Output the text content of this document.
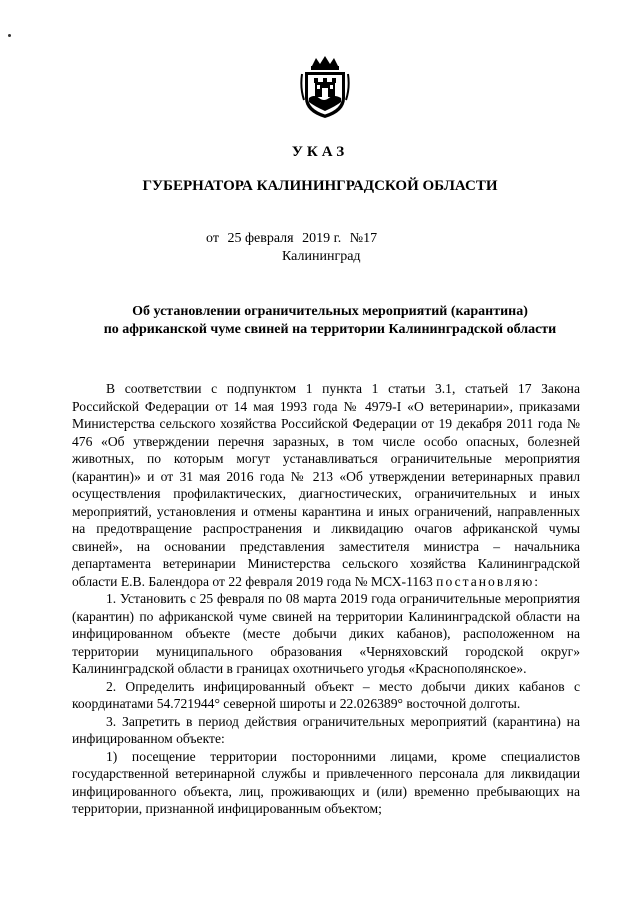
УКАЗ
ГУБЕРНАТОРА КАЛИНИНГРАДСКОЙ ОБЛАСТИ
от 25 февраля 2019 г. №17
Калининград
Об установлении ограничительных мероприятий (карантина)
по африканской чуме свиней на территории Калининградской области

В соответствии с подпунктом 1 пункта 1 статьи 3.1, статьей 17 Закона Российской Федерации от 14 мая 1993 года № 4979-I «О ветеринарии», приказами Министерства сельского хозяйства Российской Федерации от 19 декабря 2011 года № 476 «Об утверждении перечня заразных, в том числе особо опасных, болезней животных, по которым могут устанавливаться ограничительные мероприятия (карантин)» и от 31 мая 2016 года № 213 «Об утверждении ветеринарных правил осуществления профилактических, диагностических, ограничительных и иных мероприятий, установления и отмены карантина и иных ограничений, направленных на предотвращение распространения и ликвидацию очагов африканской чумы свиней», на основании представления заместителя министра – начальника департамента ветеринарии Министерства сельского хозяйства Калининградской области Е.В. Балендора от 22 февраля 2019 года № МСХ-1163 постановляю:

1. Установить с 25 февраля по 08 марта 2019 года ограничительные мероприятия (карантин) по африканской чуме свиней на территории Калининградской области на инфицированном объекте (месте добычи диких кабанов), расположенном на территории муниципального образования «Черняховский городской округ» Калининградской области в границах охотничьего угодья «Краснополянское».

2. Определить инфицированный объект – место добычи диких кабанов с координатами 54.721944° северной широты и 22.026389° восточной долготы.

3. Запретить в период действия ограничительных мероприятий (карантина) на инфицированном объекте:

1) посещение территории посторонними лицами, кроме специалистов государственной ветеринарной службы и привлеченного персонала для ликвидации инфицированного объекта, лиц, проживающих и (или) временно пребывающих на территории, признанной инфицированным объектом;
